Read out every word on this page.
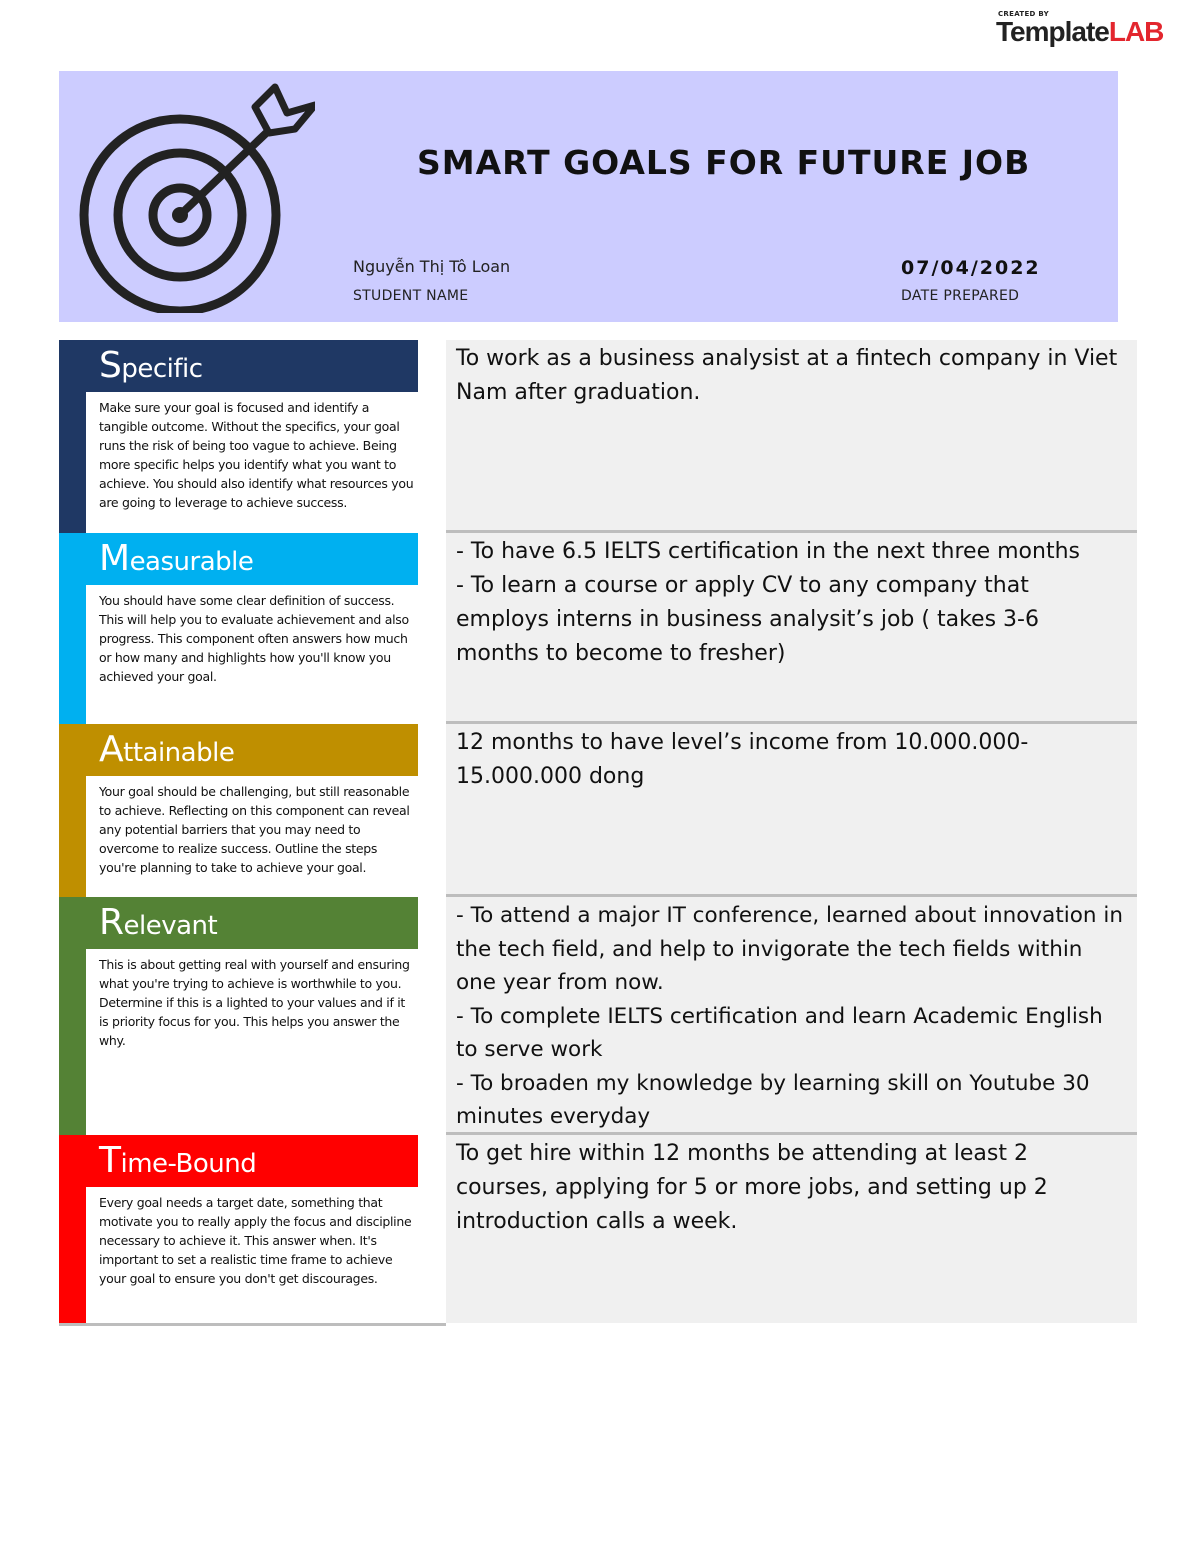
CREATED BY
TemplateLAB
SMART GOALS FOR FUTURE JOB
Nguyễn Thị Tô Loan
STUDENT NAME
07/04/2022
DATE PREPARED
Specific
Make sure your goal is focused and identify a tangible outcome. Without the specifics, your goal runs the risk of being too vague to achieve. Being more specific helps you identify what you want to achieve. You should also identify what resources you are going to leverage to achieve success.
To work as a business analysist at a fintech company in Viet Nam after graduation.
Measurable
You should have some clear definition of success. This will help you to evaluate achievement and also progress. This component often answers how much or how many and highlights how you'll know you achieved your goal.
- To have 6.5 IELTS certification in the next three months
- To learn a course or apply CV to any company that employs interns in business analysit’s job ( takes 3-6 months to become to fresher)
Attainable
Your goal should be challenging, but still reasonable to achieve. Reflecting on this component can reveal any potential barriers that you may need to overcome to realize success. Outline the steps you're planning to take to achieve your goal.
12 months to have level’s income from 10.000.000- 15.000.000 dong
Relevant
This is about getting real with yourself and ensuring what you're trying to achieve is worthwhile to you. Determine if this is a lighted to your values and if it is priority focus for you. This helps you answer the why.
- To attend a major IT conference, learned about innovation in the tech field, and help to invigorate the tech fields within one year from now.
- To complete IELTS certification and learn Academic English to serve work
- To broaden my knowledge by learning skill on Youtube 30 minutes everyday
Time-Bound
Every goal needs a target date, something that motivate you to really apply the focus and discipline necessary to achieve it. This answer when. It's important to set a realistic time frame to achieve your goal to ensure you don't get discourages.
To get hire within 12 months be attending at least 2 courses, applying for 5 or more jobs, and setting up 2 introduction calls a week.
